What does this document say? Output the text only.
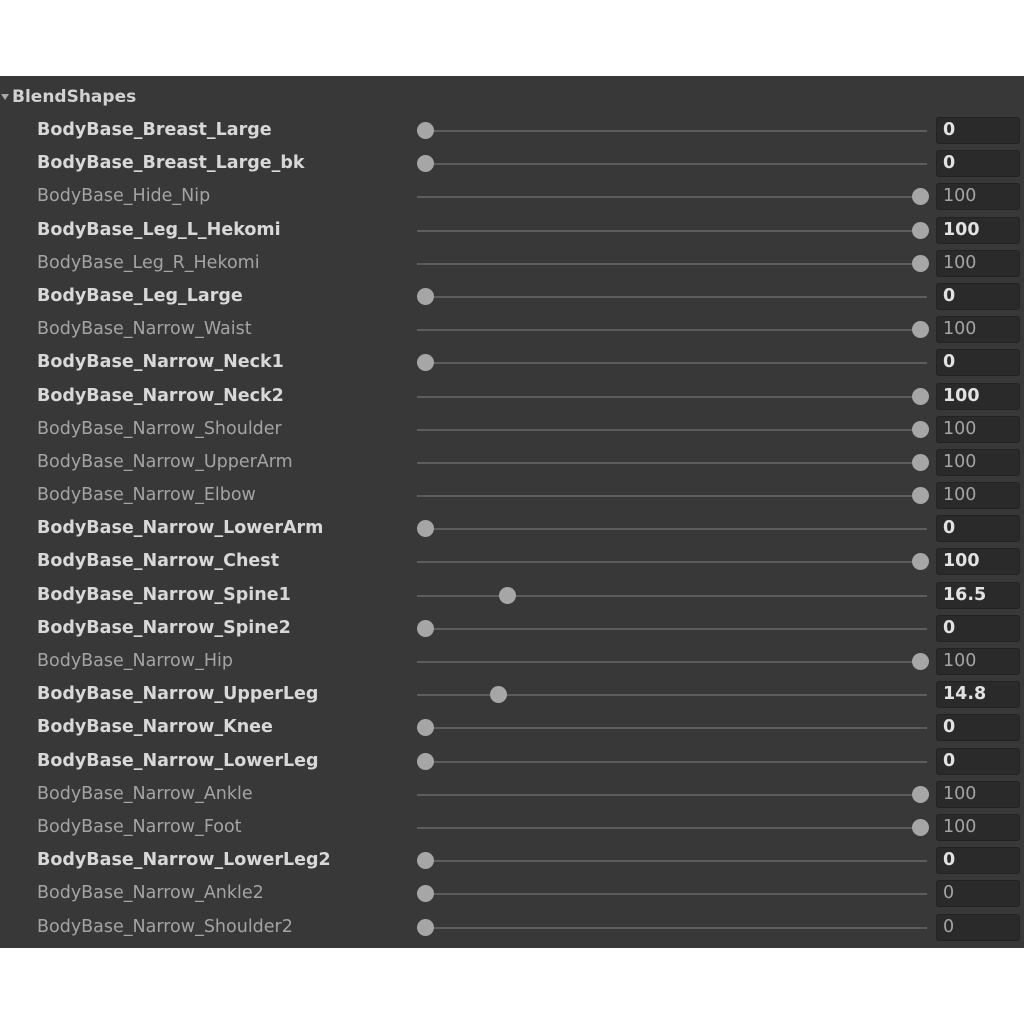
BlendShapes
BodyBase_Breast_Large	0
BodyBase_Breast_Large_bk	0
BodyBase_Hide_Nip	100
BodyBase_Leg_L_Hekomi	100
BodyBase_Leg_R_Hekomi	100
BodyBase_Leg_Large	0
BodyBase_Narrow_Waist	100
BodyBase_Narrow_Neck1	0
BodyBase_Narrow_Neck2	100
BodyBase_Narrow_Shoulder	100
BodyBase_Narrow_UpperArm	100
BodyBase_Narrow_Elbow	100
BodyBase_Narrow_LowerArm	0
BodyBase_Narrow_Chest	100
BodyBase_Narrow_Spine1	16.5
BodyBase_Narrow_Spine2	0
BodyBase_Narrow_Hip	100
BodyBase_Narrow_UpperLeg	14.8
BodyBase_Narrow_Knee	0
BodyBase_Narrow_LowerLeg	0
BodyBase_Narrow_Ankle	100
BodyBase_Narrow_Foot	100
BodyBase_Narrow_LowerLeg2	0
BodyBase_Narrow_Ankle2	0
BodyBase_Narrow_Shoulder2	0
